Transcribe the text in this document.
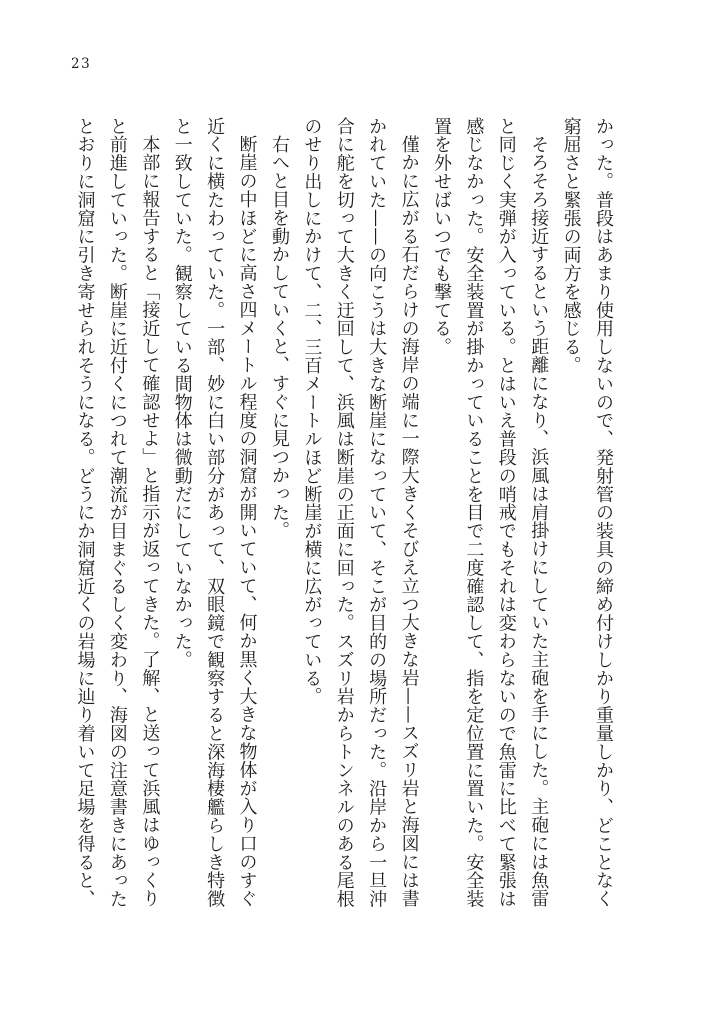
23
かった。普段はあまり使用しないので、発射管の装具の締め付けしかり重量しかり、どことなく
窮屈さと緊張の両方を感じる。
そろそろ接近するという距離になり、浜風は肩掛けにしていた主砲を手にした。主砲には魚雷
と同じく実弾が入っている。とはいえ普段の哨戒でもそれは変わらないので魚雷に比べて緊張は
感じなかった。安全装置が掛かっていることを目で二度確認して、指を定位置に置いた。安全装
置を外せばいつでも撃てる。
僅かに広がる石だらけの海岸の端に一際大きくそびえ立つ大きな岩——スズリ岩と海図には書
かれていた——の向こうは大きな断崖になっていて、そこが目的の場所だった。沿岸から一旦沖
合に舵を切って大きく迂回して、浜風は断崖の正面に回った。スズリ岩からトンネルのある尾根
のせり出しにかけて、二、三百メートルほど断崖が横に広がっている。
右へと目を動かしていくと、すぐに見つかった。
断崖の中ほどに高さ四メートル程度の洞窟が開いていて、何か黒く大きな物体が入り口のすぐ
近くに横たわっていた。一部、妙に白い部分があって、双眼鏡で観察すると深海棲艦らしき特徴
と一致していた。観察している間物体は微動だにしていなかった。
本部に報告すると「接近して確認せよ」と指示が返ってきた。了解、と送って浜風はゆっくり
と前進していった。断崖に近付くにつれて潮流が目まぐるしく変わり、海図の注意書きにあった
とおりに洞窟に引き寄せられそうになる。どうにか洞窟近くの岩場に辿り着いて足場を得ると、
